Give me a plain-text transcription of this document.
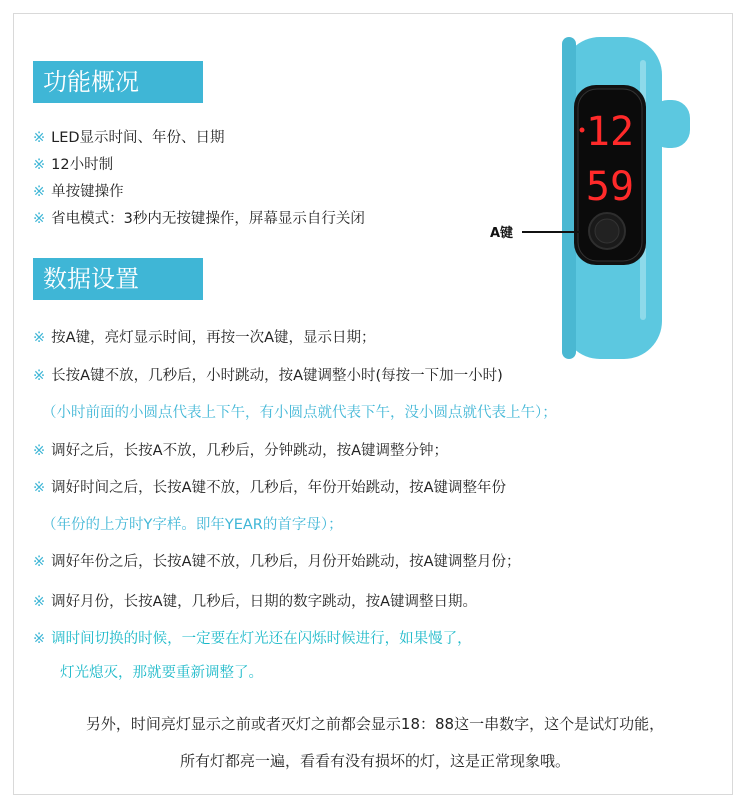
功能概况
※ LED显示时间、年份、日期
※ 12小时制
※ 单按键操作
※ 省电模式：3秒内无按键操作，屏幕显示自行关闭
数据设置
※ 按A键，亮灯显示时间，再按一次A键，显示日期；
※ 长按A键不放，几秒后，小时跳动，按A键调整小时(每按一下加一小时)
（小时前面的小圆点代表上下午，有小圆点就代表下午，没小圆点就代表上午）；
※ 调好之后，长按A不放，几秒后，分钟跳动，按A键调整分钟；
※ 调好时间之后，长按A键不放，几秒后，年份开始跳动，按A键调整年份
（年份的上方时Y字样。即年YEAR的首字母）；
※ 调好年份之后，长按A键不放，几秒后，月份开始跳动，按A键调整月份；
※ 调好月份，长按A键，几秒后，日期的数字跳动，按A键调整日期。
※ 调时间切换的时候，一定要在灯光还在闪烁时候进行，如果慢了，
灯光熄灭，那就要重新调整了。
另外，时间亮灯显示之前或者灭灯之前都会显示18：88这一串数字，这个是试灯功能，
所有灯都亮一遍，看看有没有损坏的灯，这是正常现象哦。
12
59
A键
